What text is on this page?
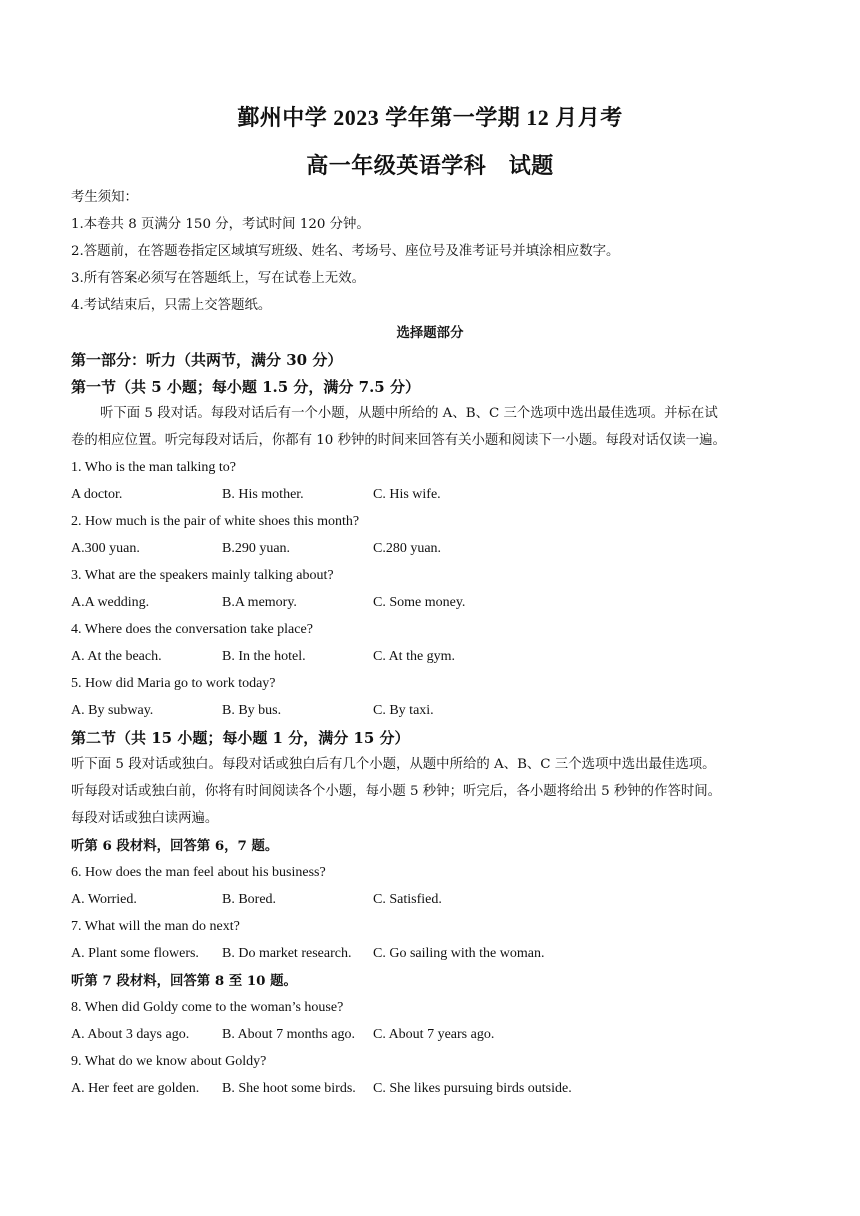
鄞州中学 2023 学年第一学期 12 月月考
高一年级英语学科　试题
考生须知：
1.本卷共 8 页满分 150 分，考试时间 120 分钟。
2.答题前，在答题卷指定区域填写班级、姓名、考场号、座位号及准考证号并填涂相应数字。
3.所有答案必须写在答题纸上，写在试卷上无效。
4.考试结束后，只需上交答题纸。
选择题部分
第一部分：听力（共两节，满分 30 分）
第一节（共 5 小题；每小题 1.5 分，满分 7.5 分）
听下面 5 段对话。每段对话后有一个小题，从题中所给的 A、B、C 三个选项中选出最佳选项。并标在试
卷的相应位置。听完每段对话后，你都有 10 秒钟的时间来回答有关小题和阅读下一小题。每段对话仅读一遍。
1. Who is the man talking to?
A doctor.	B. His mother.	C. His wife.
2. How much is the pair of white shoes this month?
A.300 yuan.	B.290 yuan.	C.280 yuan.
3. What are the speakers mainly talking about?
A.A wedding.	B.A memory.	C. Some money.
4. Where does the conversation take place?
A. At the beach.	B. In the hotel.	C. At the gym.
5. How did Maria go to work today?
A. By subway.	B. By bus.	C. By taxi.
第二节（共 15 小题；每小题 1 分，满分 15 分）
听下面 5 段对话或独白。每段对话或独白后有几个小题，从题中所给的 A、B、C 三个选项中选出最佳选项。
听每段对话或独白前，你将有时间阅读各个小题，每小题 5 秒钟；听完后，各小题将给出 5 秒钟的作答时间。
每段对话或独白读两遍。
听第 6 段材料，回答第 6，7 题。
6. How does the man feel about his business?
A. Worried.	B. Bored.	C. Satisfied.
7. What will the man do next?
A. Plant some flowers. B. Do market research. C. Go sailing with the woman.
听第 7 段材料，回答第 8 至 10 题。
8. When did Goldy come to the woman’s house?
A. About 3 days ago. B. About 7 months ago. C. About 7 years ago.
9. What do we know about Goldy?
A. Her feet are golden. B. She hoot some birds. C. She likes pursuing birds outside.
